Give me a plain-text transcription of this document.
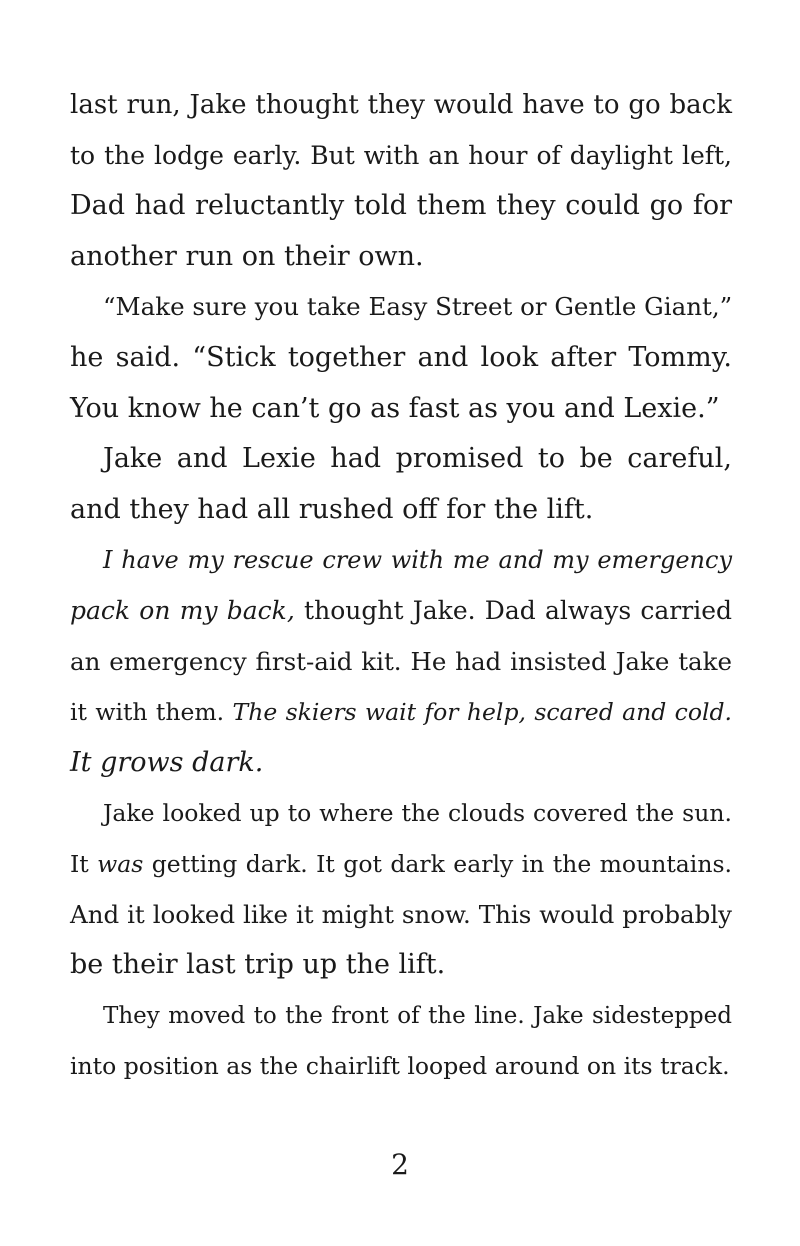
last run, Jake thought they would have to go back
to the lodge early. But with an hour of daylight left,
Dad had reluctantly told them they could go for
another run on their own.
“Make sure you take Easy Street or Gentle Giant,”
he said. “Stick together and look after Tommy.
You know he can’t go as fast as you and Lexie.”
Jake and Lexie had promised to be careful,
and they had all rushed off for the lift.
I have my rescue crew with me and my emergency
pack on my back, thought Jake. Dad always carried
an emergency first-aid kit. He had insisted Jake take
it with them. The skiers wait for help, scared and cold.
It grows dark.
Jake looked up to where the clouds covered the sun.
It was getting dark. It got dark early in the mountains.
And it looked like it might snow. This would probably
be their last trip up the lift.
They moved to the front of the line. Jake sidestepped
into position as the chairlift looped around on its track.
2
